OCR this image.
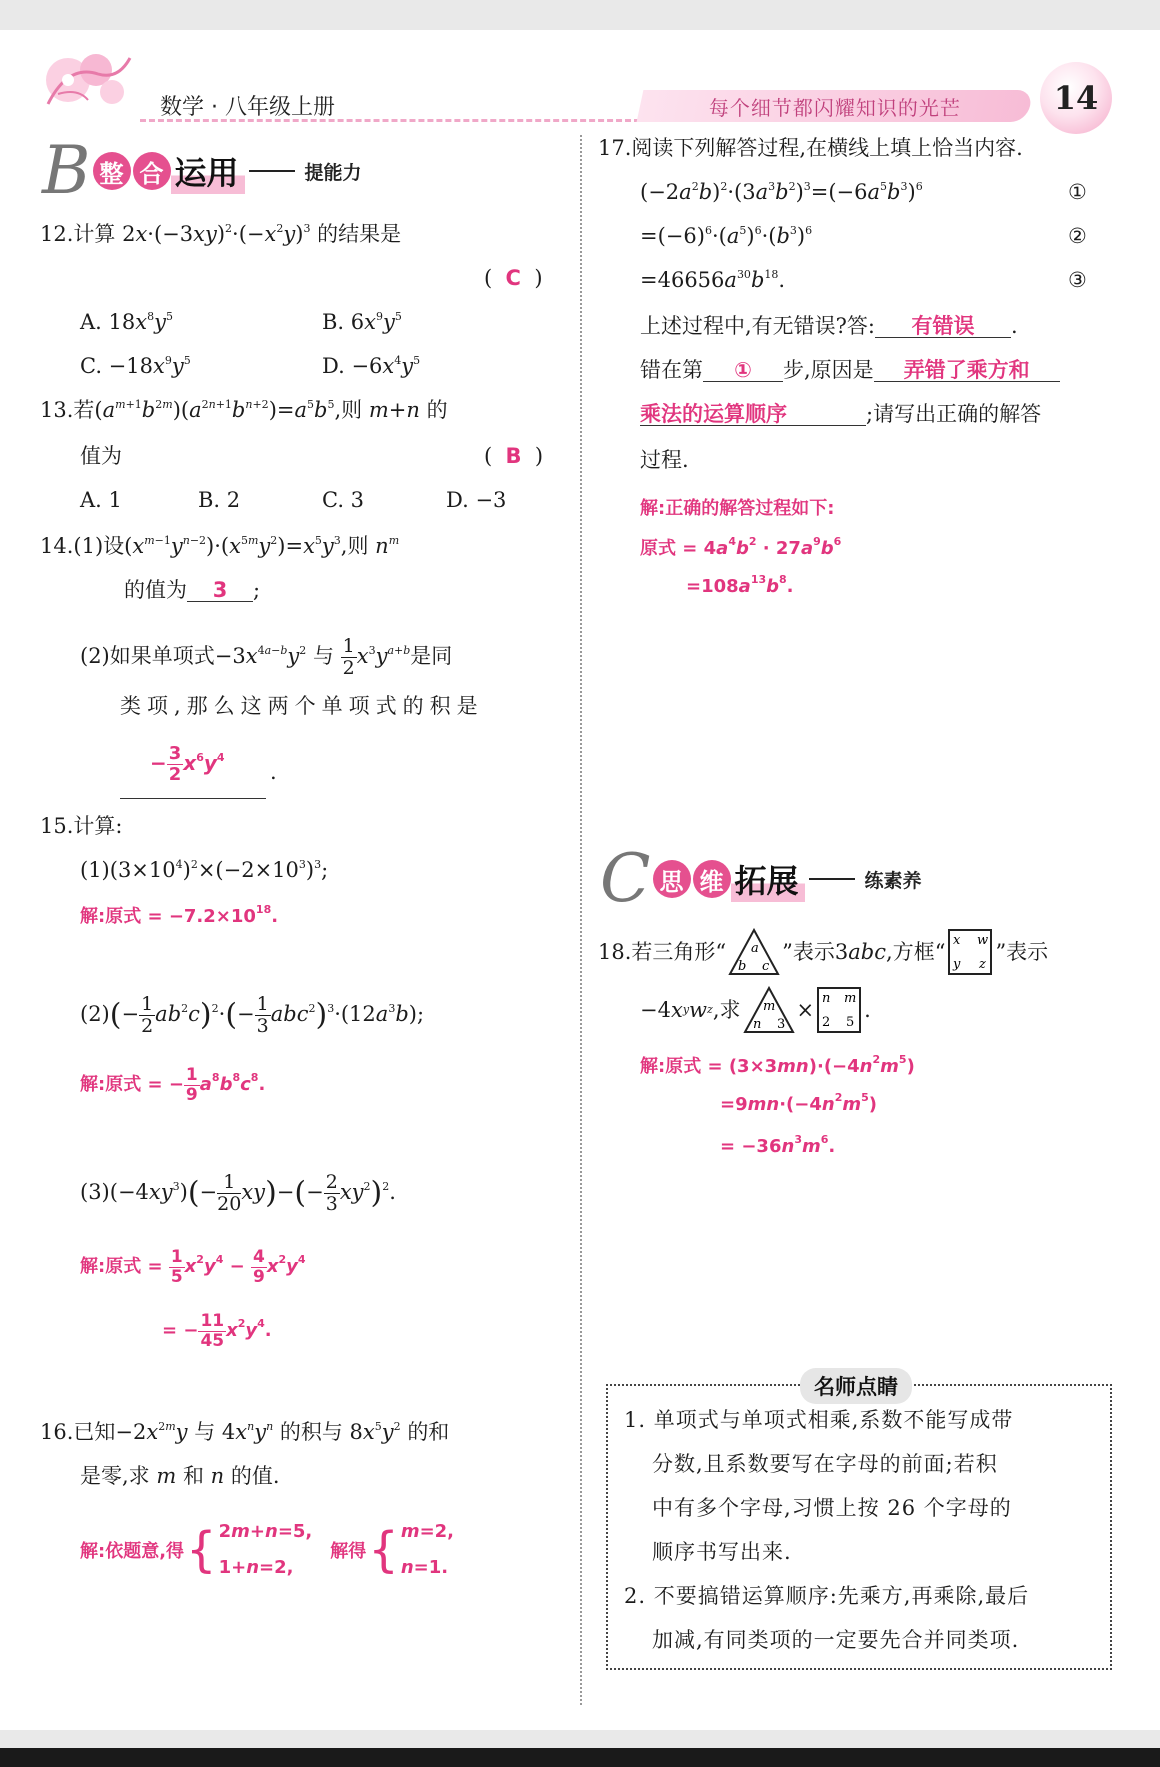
数学 · 八年级上册	每个细节都闪耀知识的光芒	14
B 整 合 运用	提能力
12.计算 $2x\cdot(-3xy)^2\cdot(-x^2y)^3$ 的结果是
(  C  )
A. $18x^8y^5$	B. $6x^9y^5$
C. $-18x^9y^5$	D. $-6x^4y^5$
13.若$(a^{m+1}b^{2m})(a^{2n+1}b^{n+2})=a^5b^5$,则 m+n 的
值为	(  B  )
A. 1	B. 2	C. 3	D. −3
14.(1)设$(x^{m-1}y^{n-2})\cdot(x^{5m}y^2)=x^5y^3$,则 $n^m$
的值为 3 ;
(2)如果单项式$-3x^{4a-b}y^2$ 与 $\frac{1}{2} x^3y^{a+b}$是同
类项,那么这两个单项式的积是
− $\frac{3}{2} x^6y^4$
.
15.计算:
$(1)(3\times 10^4)^2\times(-2\times 10^3)^3$;
解:原式 = $-7.2\times 10^{18}$.
$(2)(- \frac{1}{2} ab^2c)^2\cdot(- \frac{1}{3} abc^2)^3\cdot(12a^3b)$;
解:原式 = − $\frac{1}{9} a^8b^8c^8$.
$(3)(-4xy^3)(- \frac{1}{20} xy)-(- \frac{2}{3} xy^2)^2$.
解:原式 = $\frac{1}{5} x^2y^4 - \frac{4}{9} x^2y^4$
= − $\frac{11}{45} x^2y^4$.
16.已知$-2x^{2m}y$ 与 $4x^ny^n$ 的积与 $8x^5y^2$ 的和
是零,求 m 和 n 的值.
解:依题意,得 { 2m+n=5,
1+n=2,
解得 { m=2,
n=1.
17.阅读下列解答过程,在横线上填上恰当内容.
$(-2a^2b)^2\cdot(3a^3b^2)^3=(-6a^5b^3)^6$	①
$=(-6)^6\cdot(a^5)^6\cdot(b^3)^6$	②
$=46656a^{30}b^{18}$.	③
上述过程中,有无错误?答: 有错误 .
错在第 ① 步,原因是 弄错了乘方和
乘法的运算顺序	;请写出正确的解答
过程.
解:正确的解答过程如下:
原式 = $4a^4b^2 \cdot 27a^9b^6$
$=108a^{13}b^8$.
C 思 维 拓展	练素养
18. 若三角形“ a
b c
”表示 3 abc ,方框“ x w
y z
”表示
−4 x y w z ,求 m
n 3
× n m
2 5
.
解:原式 = $(3\times 3mn)\cdot(-4n^2m^5)$
$=9mn\cdot(-4n^2m^5)$
= $-36n^3m^6$.
名师点睛
1. 单项式与单项式相乘,系数不能写成带
分数,且系数要写在字母的前面;若积
中有多个字母,习惯上按 26 个字母的
顺序书写出来.
2. 不要搞错运算顺序:先乘方,再乘除,最后
加减,有同类项的一定要先合并同类项.
